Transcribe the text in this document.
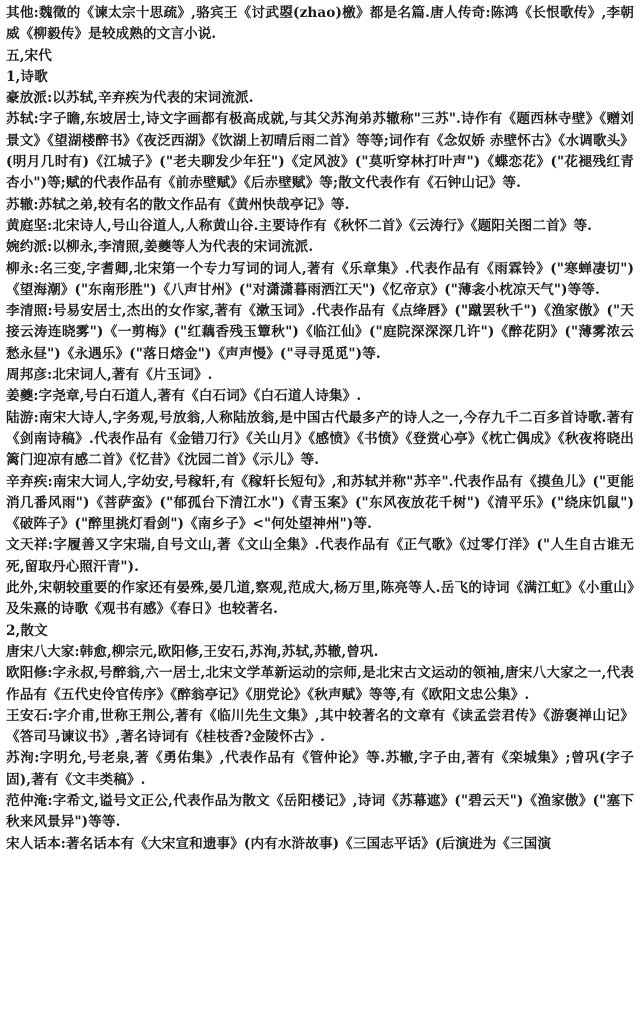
其他:魏徵的《谏太宗十思疏》,骆宾王《讨武曌(zhao)檄》都是名篇.唐人传奇:陈鸿《长恨歌传》,李朝威《柳毅传》是较成熟的文言小说.

五,宋代

1,诗歌

豪放派:以苏轼,辛弃疾为代表的宋词流派.

苏轼:字子瞻,东坡居士,诗文字画都有极高成就,与其父苏洵弟苏辙称"三苏".诗作有《题西林寺壁》《赠刘景文》《望湖楼醉书》《夜泛西湖》《饮湖上初晴后雨二首》等等;词作有《念奴娇 赤壁怀古》《水调歌头》(明月几时有)《江城子》("老夫聊发少年狂")《定风波》("莫听穿林打叶声")《蝶恋花》("花褪残红青杏小")等;赋的代表作品有《前赤壁赋》《后赤壁赋》等;散文代表作有《石钟山记》等.

苏辙:苏轼之弟,较有名的散文作品有《黄州快哉亭记》等.

黄庭坚:北宋诗人,号山谷道人,人称黄山谷.主要诗作有《秋怀二首》《云涛行》《题阳关图二首》等.

婉约派:以柳永,李清照,姜夔等人为代表的宋词流派.

柳永:名三变,字耆卿,北宋第一个专力写词的词人,著有《乐章集》.代表作品有《雨霖铃》("寒蝉凄切")《望海潮》("东南形胜")《八声甘州》("对潇潇暮雨洒江天")《忆帝京》("薄衾小枕凉天气")等等.

李清照:号易安居士,杰出的女作家,著有《漱玉词》.代表作品有《点绛唇》("蹴罢秋千")《渔家傲》("天接云涛连晓雾")《一剪梅》("红藕香残玉簟秋")《临江仙》("庭院深深深几许")《醉花阴》("薄雾浓云愁永昼")《永遇乐》("落日熔金")《声声慢》("寻寻觅觅")等.

周邦彦:北宋词人,著有《片玉词》.

姜夔:字尧章,号白石道人,著有《白石词》《白石道人诗集》.

陆游:南宋大诗人,字务观,号放翁,人称陆放翁,是中国古代最多产的诗人之一,今存九千二百多首诗歌.著有《剑南诗稿》.代表作品有《金错刀行》《关山月》《感愤》《书愤》《登赏心亭》《枕亡偶成》《秋夜将晓出篱门迎凉有感二首》《忆昔》《沈园二首》《示儿》等.

辛弃疾:南宋大词人,字幼安,号稼轩,有《稼轩长短句》,和苏轼并称"苏辛".代表作品有《摸鱼儿》("更能消几番风雨")《菩萨蛮》("郁孤台下清江水")《青玉案》("东风夜放花千树")《清平乐》("绕床饥鼠")《破阵子》("醉里挑灯看剑")《南乡子》<"何处望神州")等.

文天祥:字履善又字宋瑞,自号文山,著《文山全集》.代表作品有《正气歌》《过零仃洋》("人生自古谁无死,留取丹心照汗青").

此外,宋朝较重要的作家还有晏殊,晏几道,察观,范成大,杨万里,陈亮等人.岳飞的诗词《满江虹》《小重山》及朱熹的诗歌《观书有感》《春日》也较著名.

2,散文

唐宋八大家:韩愈,柳宗元,欧阳修,王安石,苏洵,苏轼,苏辙,曾巩.

欧阳修:字永叔,号醉翁,六一居士,北宋文学革新运动的宗师,是北宋古文运动的领袖,唐宋八大家之一,代表作品有《五代史伶官传序》《醉翁亭记》《朋党论》《秋声赋》等等,有《欧阳文忠公集》.

王安石:字介甫,世称王荆公,著有《临川先生文集》,其中较著名的文章有《读孟尝君传》《游褒禅山记》《答司马谏议书》,著名诗词有《桂枝香?金陵怀古》.

苏洵:字明允,号老泉,著《勇佑集》,代表作品有《管仲论》等.苏辙,字子由,著有《栾城集》;曾巩(字子固),著有《文丰类稿》.

范仲淹:字希文,谥号文正公,代表作品为散文《岳阳楼记》,诗词《苏幕遮》("碧云天")《渔家傲》("塞下秋来风景异")等等.

宋人话本:著名话本有《大宋宣和遗事》(内有水浒故事)《三国志平话》(后演进为《三国演
